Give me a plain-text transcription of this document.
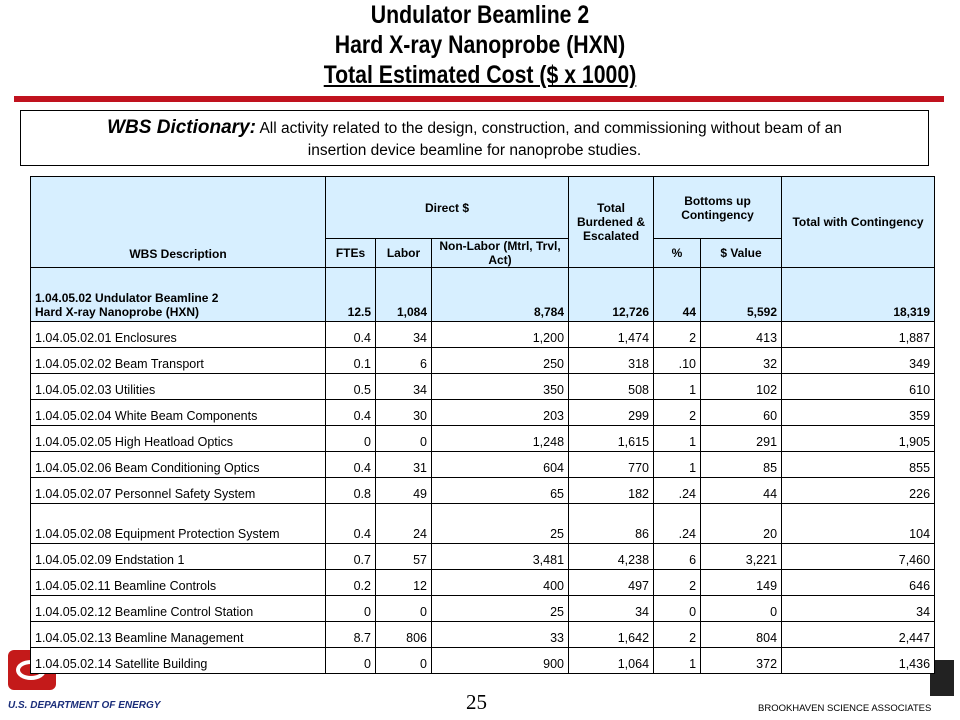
Undulator Beamline 2
Hard X-ray Nanoprobe (HXN)
Total Estimated Cost ($ x 1000)
WBS Dictionary: All activity related to the design, construction, and commissioning without beam of an
insertion device beamline for nanoprobe studies.
U.S. DEPARTMENT OF ENERGY	BROOKHAVEN SCIENCE ASSOCIATES
25
WBS Description	Direct $			Total Burdened & Escalated	Bottoms up Contingency		Total with Contingency
	FTEs	Labor	Non-Labor (Mtrl, Trvl, Act)		%	$ Value	
1.04.05.02 Undulator Beamline 2
Hard X-ray Nanoprobe (HXN)	12.5	1,084	8,784	12,726	44	5,592	18,319
1.04.05.02.01 Enclosures	0.4	34	1,200	1,474	2	413	1,887
1.04.05.02.02 Beam Transport	0.1	6	250	318	.10	32	349
1.04.05.02.03 Utilities	0.5	34	350	508	1	102	610
1.04.05.02.04 White Beam Components	0.4	30	203	299	2	60	359
1.04.05.02.05 High Heatload Optics	0	0	1,248	1,615	1	291	1,905
1.04.05.02.06 Beam Conditioning Optics	0.4	31	604	770	1	85	855
1.04.05.02.07 Personnel Safety System	0.8	49	65	182	.24	44	226
1.04.05.02.08 Equipment Protection System	0.4	24	25	86	.24	20	104
1.04.05.02.09 Endstation 1	0.7	57	3,481	4,238	6	3,221	7,460
1.04.05.02.11 Beamline Controls	0.2	12	400	497	2	149	646
1.04.05.02.12 Beamline Control Station	0	0	25	34	0	0	34
1.04.05.02.13 Beamline Management	8.7	806	33	1,642	2	804	2,447
1.04.05.02.14 Satellite Building	0	0	900	1,064	1	372	1,436
